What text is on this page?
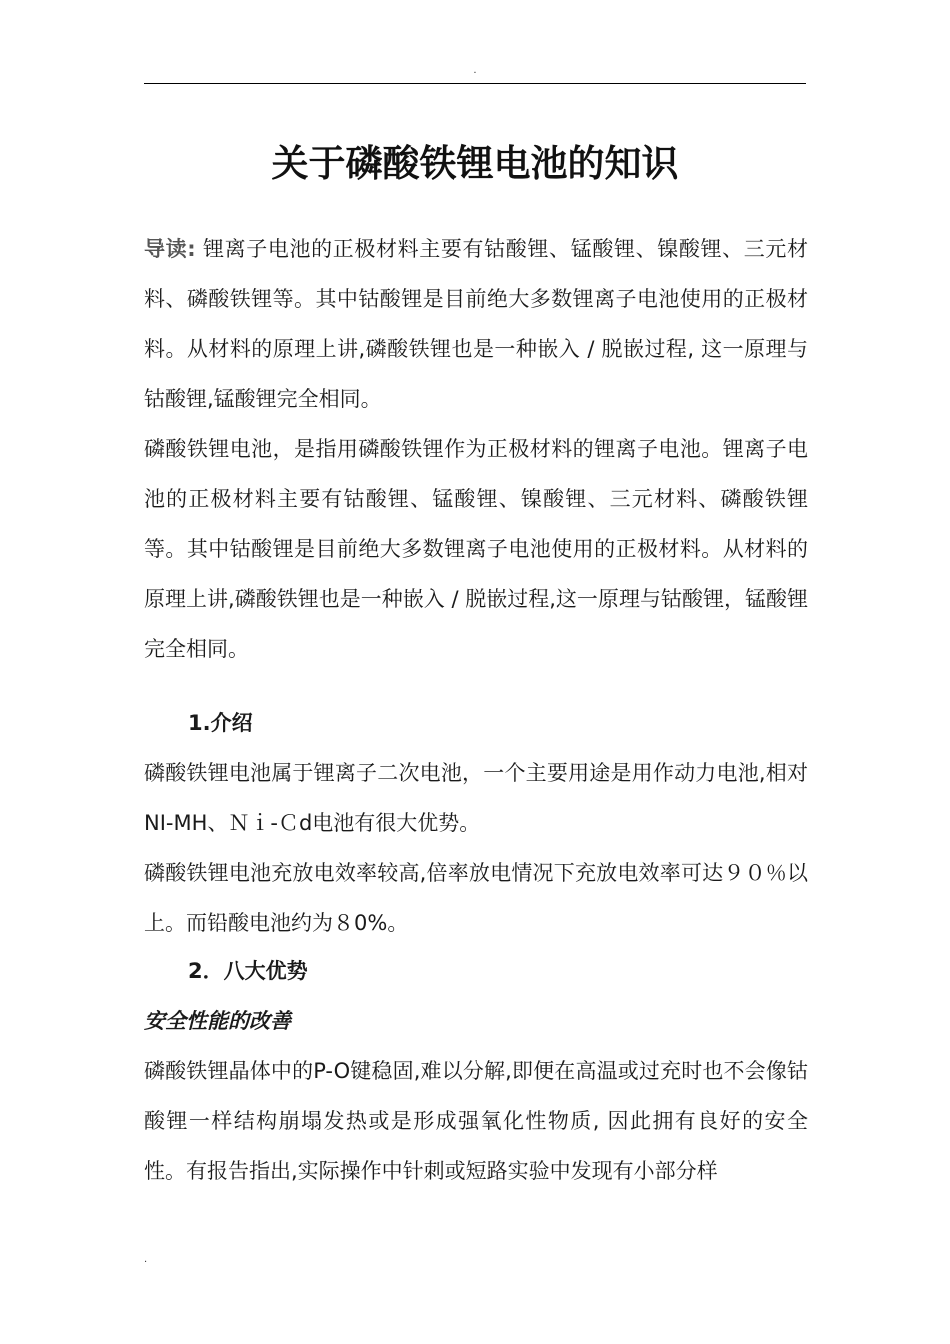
.
关于磷酸铁锂电池的知识

导读: 锂离子电池的正极材料主要有钴酸锂、锰酸锂、镍酸锂、三元材料、磷酸铁锂等。其中钴酸锂是目前绝大多数锂离子电池使用的正极材料。从材料的原理上讲,磷酸铁锂也是一种嵌入 / 脱嵌过程, 这一原理与钴酸锂,锰酸锂完全相同。

磷酸铁锂电池，是指用磷酸铁锂作为正极材料的锂离子电池。锂离子电池的正极材料主要有钴酸锂、锰酸锂、镍酸锂、三元材料、磷酸铁锂等。其中钴酸锂是目前绝大多数锂离子电池使用的正极材料。从材料的原理上讲,磷酸铁锂也是一种嵌入 / 脱嵌过程,这一原理与钴酸锂，锰酸锂完全相同。

1.介绍

磷酸铁锂电池属于锂离子二次电池，一个主要用途是用作动力电池,相对NI-MH、Ｎｉ-Ｃd电池有很大优势。

磷酸铁锂电池充放电效率较高,倍率放电情况下充放电效率可达９０％以上。而铅酸电池约为８0%。

2．八大优势
安全性能的改善

磷酸铁锂晶体中的P-O键稳固,难以分解,即便在高温或过充时也不会像钴酸锂一样结构崩塌发热或是形成强氧化性物质, 因此拥有良好的安全性。有报告指出,实际操作中针刺或短路实验中发现有小部分样

.
